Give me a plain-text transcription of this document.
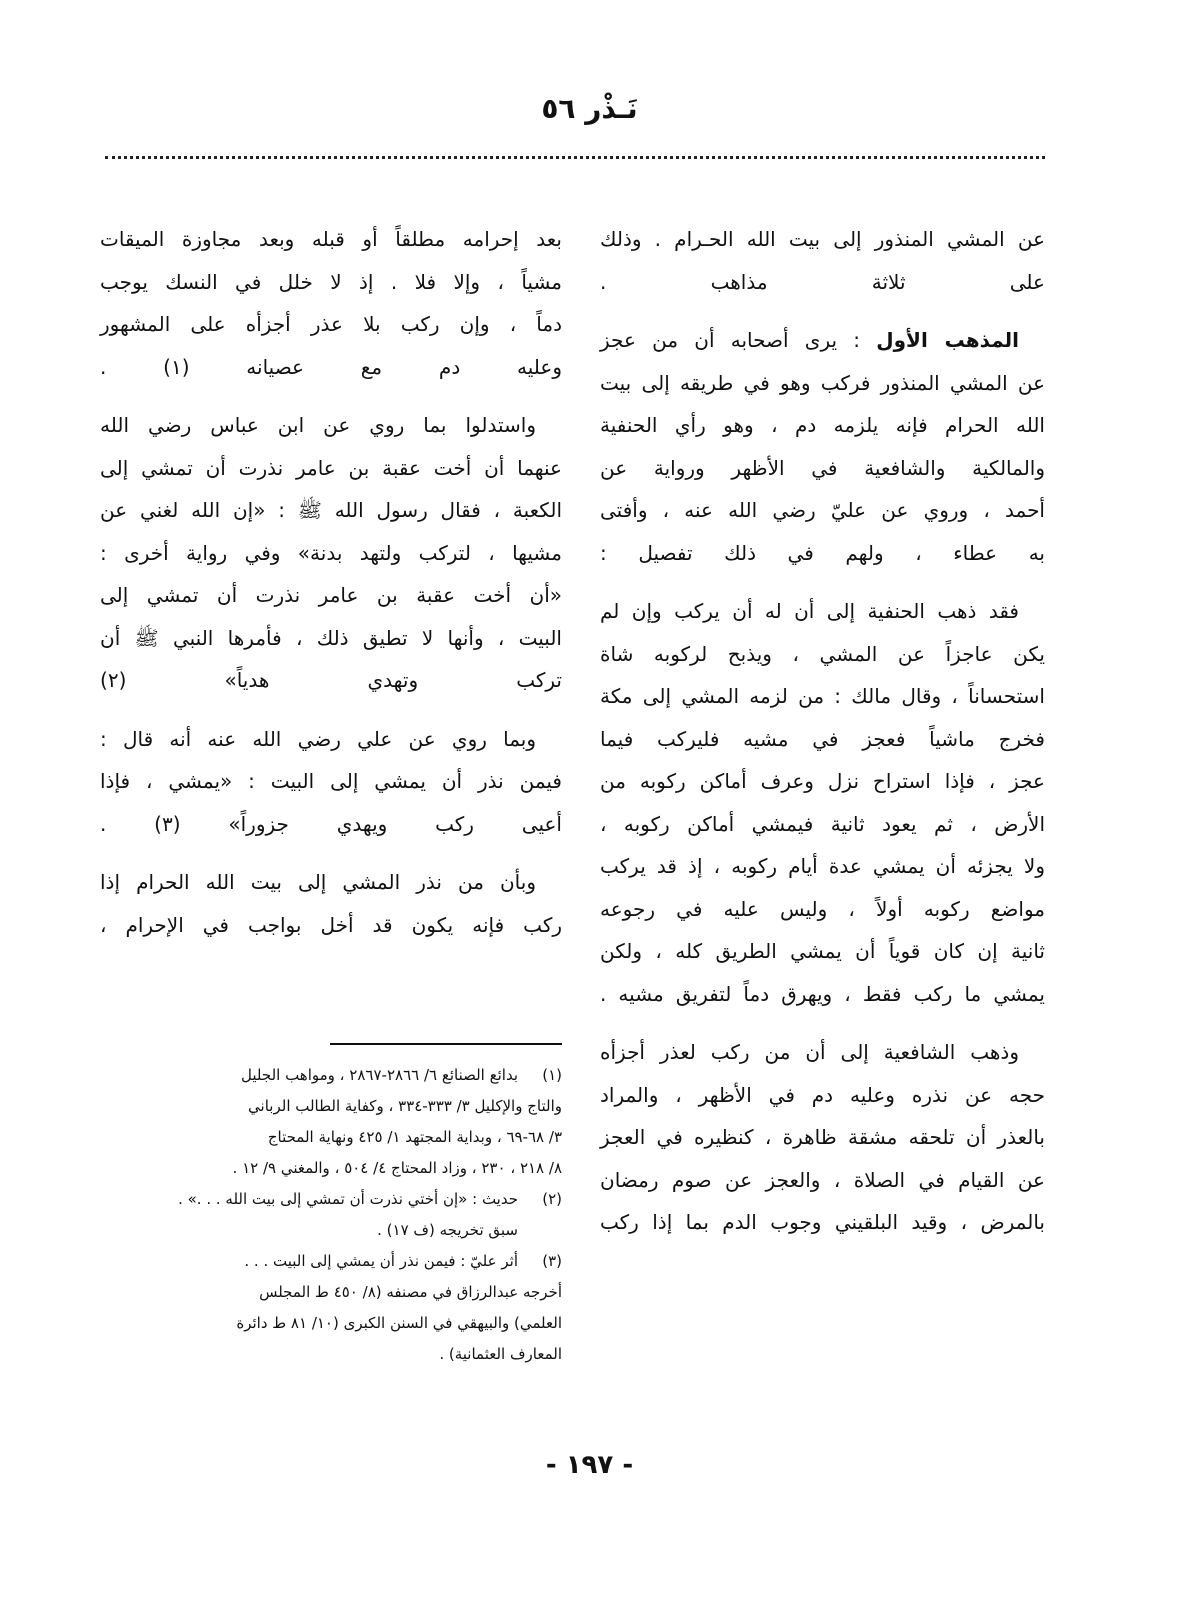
نَـذْر ٥٦
عن المشي المنذور إلى بيت الله الحـرام . وذلك
على ثلاثة مذاهب .
المذهب الأول : يرى أصحابه أن من عجز
عن المشي المنذور فركب وهو في طريقه إلى بيت
الله الحرام فإنه يلزمه دم ، وهو رأي الحنفية
والمالكية والشافعية في الأظهر ورواية عن
أحمد ، وروي عن عليّ رضي الله عنه ، وأفتى
به عطاء ، ولهم في ذلك تفصيل :
فقد ذهب الحنفية إلى أن له أن يركب وإن لم
يكن عاجزاً عن المشي ، ويذبح لركوبه شاة
استحساناً ، وقال مالك : من لزمه المشي إلى مكة
فخرج ماشياً فعجز في مشيه فليركب فيما
عجز ، فإذا استراح نزل وعرف أماكن ركوبه من
الأرض ، ثم يعود ثانية فيمشي أماكن ركوبه ،
ولا يجزئه أن يمشي عدة أيام ركوبه ، إذ قد يركب
مواضع ركوبه أولاً ، وليس عليه في رجوعه
ثانية إن كان قوياً أن يمشي الطريق كله ، ولكن
يمشي ما ركب فقط ، ويهرق دماً لتفريق مشيه .
وذهب الشافعية إلى أن من ركب لعذر أجزأه
حجه عن نذره وعليه دم في الأظهر ، والمراد
بالعذر أن تلحقه مشقة ظاهرة ، كنظيره في العجز
عن القيام في الصلاة ، والعجز عن صوم رمضان
بالمرض ، وقيد البلقيني وجوب الدم بما إذا ركب
بعد إحرامه مطلقاً أو قبله وبعد مجاوزة الميقات
مشياً ، وإلا فلا . إذ لا خلل في النسك يوجب
دماً ، وإن ركب بلا عذر أجزأه على المشهور
وعليه دم مع عصيانه (١) .
واستدلوا بما روي عن ابن عباس رضي الله
عنهما أن أخت عقبة بن عامر نذرت أن تمشي إلى
الكعبة ، فقال رسول الله ﷺ : «إن الله لغني عن
مشيها ، لتركب ولتهد بدنة» وفي رواية أخرى :
«أن أخت عقبة بن عامر نذرت أن تمشي إلى
البيت ، وأنها لا تطيق ذلك ، فأمرها النبي ﷺ أن
تركب وتهدي هدياً» (٢)
وبما روي عن علي رضي الله عنه أنه قال :
فيمن نذر أن يمشي إلى البيت : «يمشي ، فإذا
أعيى ركب ويهدي جزوراً» (٣) .
وبأن من نذر المشي إلى بيت الله الحرام إذا
ركب فإنه يكون قد أخل بواجب في الإحرام ،
(١)
بدائع الصنائع ٦/ ٢٨٦٦-٢٨٦٧ ، ومواهب الجليل
والتاج والإكليل ٣/ ٣٣٣-٣٣٤ ، وكفاية الطالب الرباني
٣/ ٦٨-٦٩ ، وبداية المجتهد ١/ ٤٢٥ ونهاية المحتاج
٨/ ٢١٨ ، ٢٣٠ ، وزاد المحتاج ٤/ ٥٠٤ ، والمغني ٩/ ١٢ .
(٢)
حديث : «إن أختي نذرت أن تمشي إلى بيت الله . . .» .
سبق تخريجه (ف ١٧) .
(٣)
أثر عليّ : فيمن نذر أن يمشي إلى البيت . . .
أخرجه عبدالرزاق في مصنفه (٨/ ٤٥٠ ط المجلس
العلمي) والبيهقي في السنن الكبرى (١٠/ ٨١ ط دائرة
المعارف العثمانية) .
- ١٩٧ -
